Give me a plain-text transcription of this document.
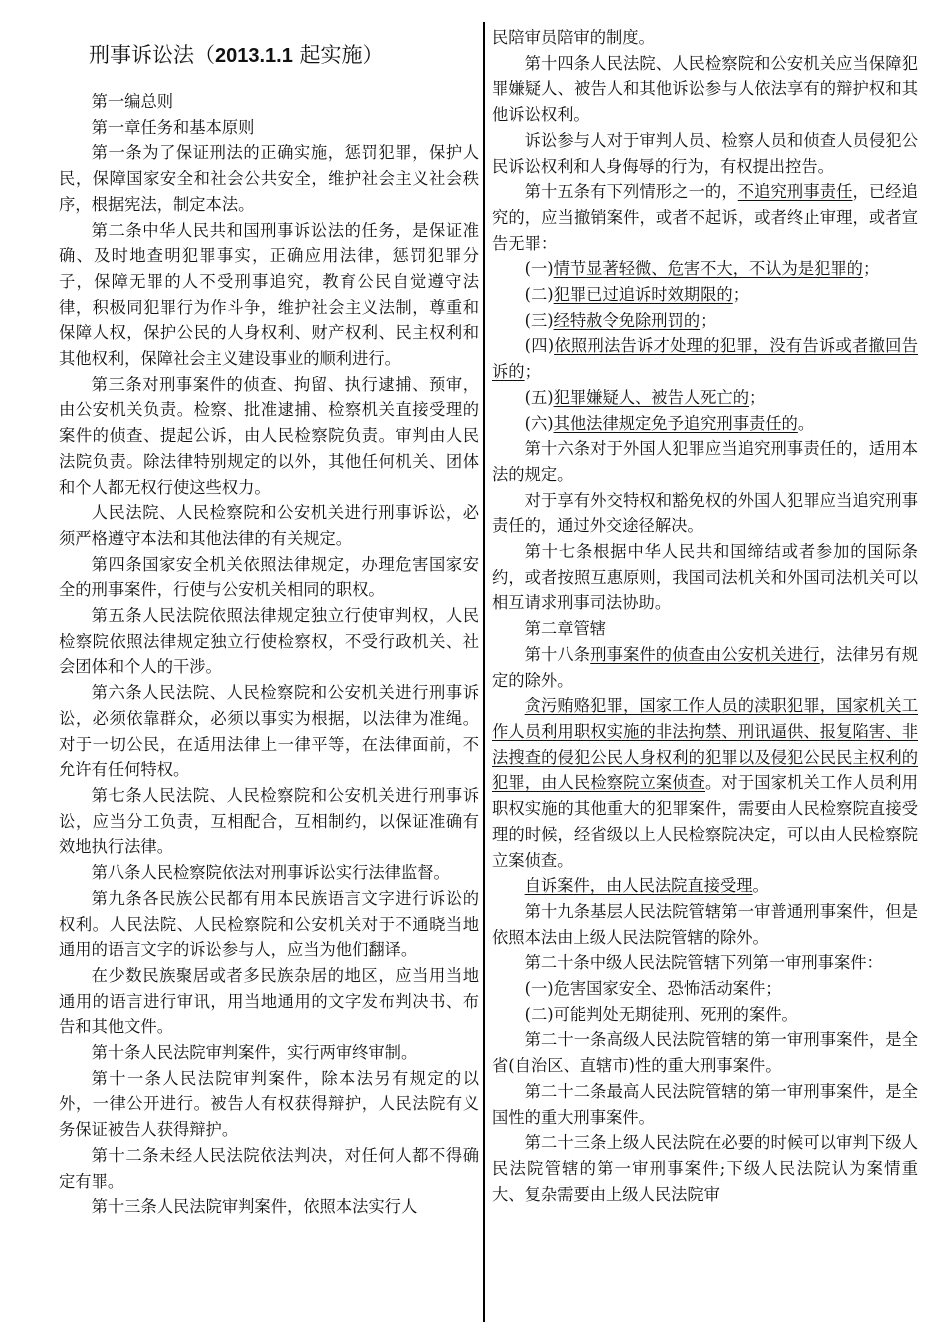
刑事诉讼法（2013.1.1 起实施）

第一编总则

第一章任务和基本原则

第一条为了保证刑法的正确实施，惩罚犯罪，保护人民，保障国家安全和社会公共安全，维护社会主义社会秩序，根据宪法，制定本法。

第二条中华人民共和国刑事诉讼法的任务，是保证准确、及时地查明犯罪事实，正确应用法律，惩罚犯罪分子，保障无罪的人不受刑事追究，教育公民自觉遵守法律，积极同犯罪行为作斗争，维护社会主义法制，尊重和保障人权，保护公民的人身权利、财产权利、民主权利和其他权利，保障社会主义建设事业的顺利进行。

第三条对刑事案件的侦查、拘留、执行逮捕、预审，由公安机关负责。检察、批准逮捕、检察机关直接受理的案件的侦查、提起公诉，由人民检察院负责。审判由人民法院负责。除法律特别规定的以外，其他任何机关、团体和个人都无权行使这些权力。

人民法院、人民检察院和公安机关进行刑事诉讼，必须严格遵守本法和其他法律的有关规定。

第四条国家安全机关依照法律规定，办理危害国家安全的刑事案件，行使与公安机关相同的职权。

第五条人民法院依照法律规定独立行使审判权，人民检察院依照法律规定独立行使检察权，不受行政机关、社会团体和个人的干涉。

第六条人民法院、人民检察院和公安机关进行刑事诉讼，必须依靠群众，必须以事实为根据，以法律为准绳。对于一切公民，在适用法律上一律平等，在法律面前，不允许有任何特权。

第七条人民法院、人民检察院和公安机关进行刑事诉讼，应当分工负责，互相配合，互相制约，以保证准确有效地执行法律。

第八条人民检察院依法对刑事诉讼实行法律监督。

第九条各民族公民都有用本民族语言文字进行诉讼的权利。人民法院、人民检察院和公安机关对于不通晓当地通用的语言文字的诉讼参与人，应当为他们翻译。

在少数民族聚居或者多民族杂居的地区，应当用当地通用的语言进行审讯，用当地通用的文字发布判决书、布告和其他文件。

第十条人民法院审判案件，实行两审终审制。

第十一条人民法院审判案件，除本法另有规定的以外，一律公开进行。被告人有权获得辩护，人民法院有义务保证被告人获得辩护。

第十二条未经人民法院依法判决，对任何人都不得确定有罪。

第十三条人民法院审判案件，依照本法实行人

民陪审员陪审的制度。

第十四条人民法院、人民检察院和公安机关应当保障犯罪嫌疑人、被告人和其他诉讼参与人依法享有的辩护权和其他诉讼权利。

诉讼参与人对于审判人员、检察人员和侦查人员侵犯公民诉讼权利和人身侮辱的行为，有权提出控告。

第十五条有下列情形之一的，不追究刑事责任，已经追究的，应当撤销案件，或者不起诉，或者终止审理，或者宣告无罪：

(一)情节显著轻微、危害不大，不认为是犯罪的；

(二)犯罪已过追诉时效期限的；

(三)经特赦令免除刑罚的；

(四)依照刑法告诉才处理的犯罪，没有告诉或者撤回告诉的；

(五)犯罪嫌疑人、被告人死亡的；

(六)其他法律规定免予追究刑事责任的。

第十六条对于外国人犯罪应当追究刑事责任的，适用本法的规定。

对于享有外交特权和豁免权的外国人犯罪应当追究刑事责任的，通过外交途径解决。

第十七条根据中华人民共和国缔结或者参加的国际条约，或者按照互惠原则，我国司法机关和外国司法机关可以相互请求刑事司法协助。

第二章管辖

第十八条刑事案件的侦查由公安机关进行，法律另有规定的除外。

贪污贿赂犯罪，国家工作人员的渎职犯罪，国家机关工作人员利用职权实施的非法拘禁、刑讯逼供、报复陷害、非法搜查的侵犯公民人身权利的犯罪以及侵犯公民民主权利的犯罪，由人民检察院立案侦查。对于国家机关工作人员利用职权实施的其他重大的犯罪案件，需要由人民检察院直接受理的时候，经省级以上人民检察院决定，可以由人民检察院立案侦查。

自诉案件，由人民法院直接受理。

第十九条基层人民法院管辖第一审普通刑事案件，但是依照本法由上级人民法院管辖的除外。

第二十条中级人民法院管辖下列第一审刑事案件：

(一)危害国家安全、恐怖活动案件；

(二)可能判处无期徒刑、死刑的案件。

第二十一条高级人民法院管辖的第一审刑事案件，是全省(自治区、直辖市)性的重大刑事案件。

第二十二条最高人民法院管辖的第一审刑事案件，是全国性的重大刑事案件。

第二十三条上级人民法院在必要的时候可以审判下级人民法院管辖的第一审刑事案件;下级人民法院认为案情重大、复杂需要由上级人民法院审
